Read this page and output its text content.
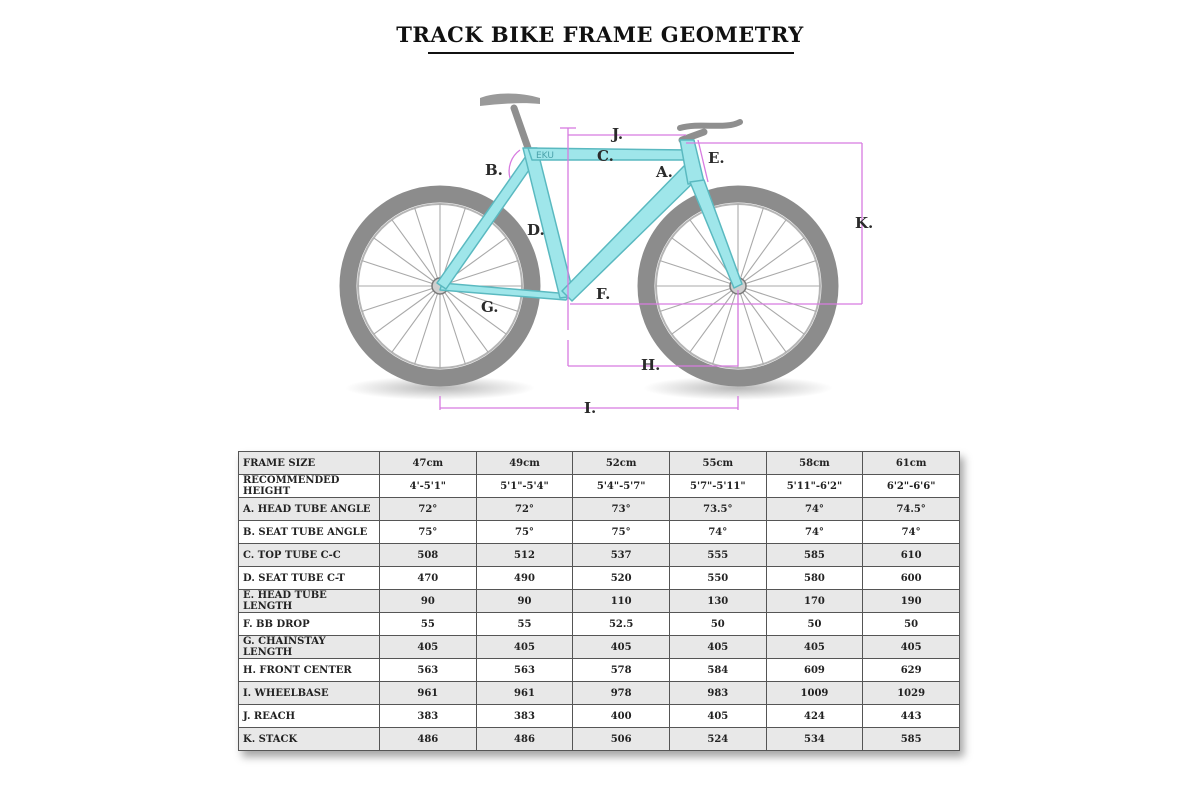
TRACK BIKE FRAME GEOMETRY
EKU
A.
B.
C.
D.
E.
F.
G.
H.
I.
J.
K.
FRAME SIZE	47cm	49cm	52cm	55cm	58cm	61cm
RECOMMENDED HEIGHT	4'-5'1"	5'1"-5'4"	5'4"-5'7"	5'7"-5'11"	5'11"-6'2"	6'2"-6'6"
A. HEAD TUBE ANGLE	72°	72°	73°	73.5°	74°	74.5°
B. SEAT TUBE ANGLE	75°	75°	75°	74°	74°	74°
C. TOP TUBE C-C	508	512	537	555	585	610
D. SEAT TUBE C-T	470	490	520	550	580	600
E. HEAD TUBE LENGTH	90	90	110	130	170	190
F. BB DROP	55	55	52.5	50	50	50
G. CHAINSTAY LENGTH	405	405	405	405	405	405
H. FRONT CENTER	563	563	578	584	609	629
I. WHEELBASE	961	961	978	983	1009	1029
J. REACH	383	383	400	405	424	443
K. STACK	486	486	506	524	534	585
